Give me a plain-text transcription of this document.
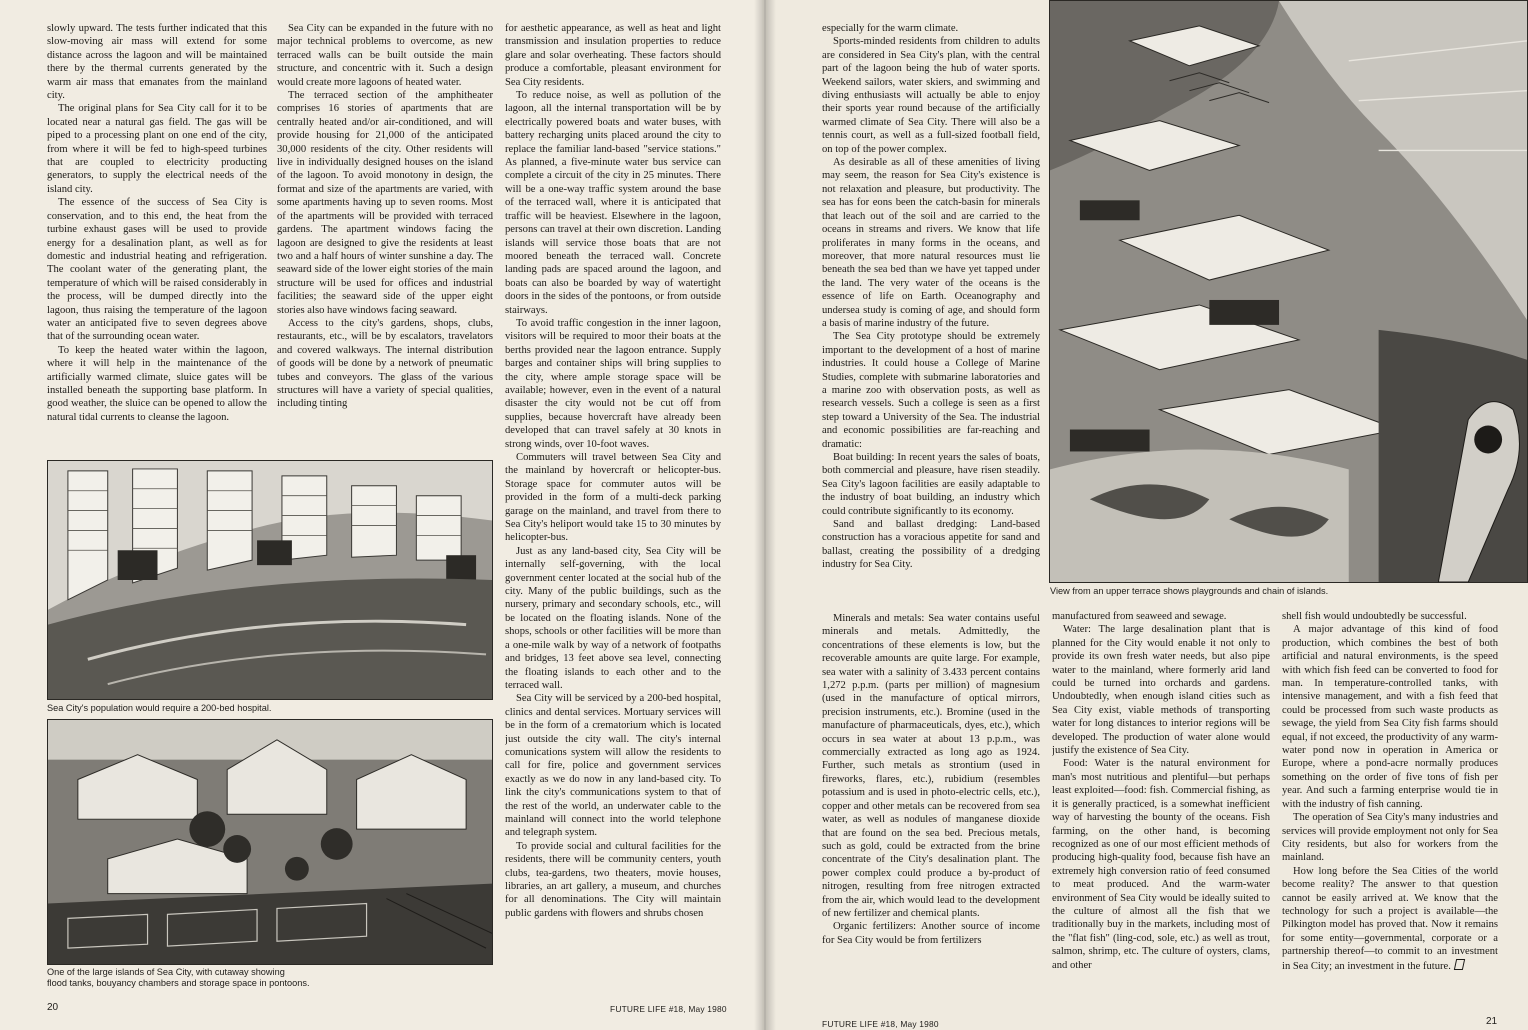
slowly upward. The tests further indicated that this slow-moving air mass will extend for some distance across the lagoon and will be maintained there by the thermal currents generated by the warm air mass that emanates from the mainland city.

The original plans for Sea City call for it to be located near a natural gas field. The gas will be piped to a processing plant on one end of the city, from where it will be fed to high-speed turbines that are coupled to electricity producting generators, to supply the electrical needs of the island city.

The essence of the success of Sea City is conservation, and to this end, the heat from the turbine exhaust gases will be used to provide energy for a desalination plant, as well as for domestic and industrial heating and refrigeration. The coolant water of the generating plant, the temperature of which will be raised considerably in the process, will be dumped directly into the lagoon, thus raising the temperature of the lagoon water an anticipated five to seven degrees above that of the surrounding ocean water.

To keep the heated water within the lagoon, where it will help in the maintenance of the artificially warmed climate, sluice gates will be installed beneath the supporting base platform. In good weather, the sluice can be opened to allow the natural tidal currents to cleanse the lagoon.

Sea City can be expanded in the future with no major technical problems to overcome, as new terraced walls can be built outside the main structure, and concentric with it. Such a design would create more lagoons of heated water.

The terraced section of the amphitheater comprises 16 stories of apartments that are centrally heated and/or air-conditioned, and will provide housing for 21,000 of the anticipated 30,000 residents of the city. Other residents will live in individually designed houses on the island of the lagoon. To avoid monotony in design, the format and size of the apartments are varied, with some apartments having up to seven rooms. Most of the apartments will be provided with terraced gardens. The apartment windows facing the lagoon are designed to give the residents at least two and a half hours of winter sunshine a day. The seaward side of the lower eight stories of the main structure will be used for offices and industrial facilities; the seaward side of the upper eight stories also have windows facing seaward.

Access to the city's gardens, shops, clubs, restaurants, etc., will be by escalators, travelators and covered walkways. The internal distribution of goods will be done by a network of pneumatic tubes and conveyors. The glass of the various structures will have a variety of special qualities, including tinting

for aesthetic appearance, as well as heat and light transmission and insulation properties to reduce glare and solar overheating. These factors should produce a comfortable, pleasant environment for Sea City residents.

To reduce noise, as well as pollution of the lagoon, all the internal transportation will be by electrically powered boats and water buses, with battery recharging units placed around the city to replace the familiar land-based "service stations." As planned, a five-minute water bus service can complete a circuit of the city in 25 minutes. There will be a one-way traffic system around the base of the terraced wall, where it is anticipated that traffic will be heaviest. Elsewhere in the lagoon, persons can travel at their own discretion. Landing islands will service those boats that are not moored beneath the terraced wall. Concrete landing pads are spaced around the lagoon, and boats can also be boarded by way of watertight doors in the sides of the pontoons, or from outside stairways.

To avoid traffic congestion in the inner lagoon, visitors will be required to moor their boats at the berths provided near the lagoon entrance. Supply barges and container ships will bring supplies to the city, where ample storage space will be available; however, even in the event of a natural disaster the city would not be cut off from supplies, because hovercraft have already been developed that can travel safely at 30 knots in strong winds, over 10-foot waves.

Commuters will travel between Sea City and the mainland by hovercraft or helicopter-bus. Storage space for commuter autos will be provided in the form of a multi-deck parking garage on the mainland, and travel from there to Sea City's heliport would take 15 to 30 minutes by helicopter-bus.

Just as any land-based city, Sea City will be internally self-governing, with the local government center located at the social hub of the city. Many of the public buildings, such as the nursery, primary and secondary schools, etc., will be located on the floating islands. None of the shops, schools or other facilities will be more than a one-mile walk by way of a network of footpaths and bridges, 13 feet above sea level, connecting the floating islands to each other and to the terraced wall.

Sea City will be serviced by a 200-bed hospital, clinics and dental services. Mortuary services will be in the form of a crematorium which is located just outside the city wall. The city's internal comunications system will allow the residents to call for fire, police and government services exactly as we do now in any land-based city. To link the city's communications system to that of the rest of the world, an underwater cable to the mainland will connect into the world telephone and telegraph system.

To provide social and cultural facilities for the residents, there will be community centers, youth clubs, tea-gardens, two theaters, movie houses, libraries, an art gallery, a museum, and churches for all denominations. The City will maintain public gardens with flowers and shrubs chosen

Sea City's population would require a 200-bed hospital.
One of the large islands of Sea City, with cutaway showing
flood tanks, bouyancy chambers and storage space in pontoons.
20	FUTURE LIFE #18, May 1980

especially for the warm climate.

Sports-minded residents from children to adults are considered in Sea City's plan, with the central part of the lagoon being the hub of water sports. Weekend sailors, water skiers, and swimming and diving enthusiasts will actually be able to enjoy their sports year round because of the artificially warmed climate of Sea City. There will also be a tennis court, as well as a full-sized football field, on top of the power complex.

As desirable as all of these amenities of living may seem, the reason for Sea City's existence is not relaxation and pleasure, but productivity. The sea has for eons been the catch-basin for minerals that leach out of the soil and are carried to the oceans in streams and rivers. We know that life proliferates in many forms in the oceans, and moreover, that more natural resources must lie beneath the sea bed than we have yet tapped under the land. The very water of the oceans is the essence of life on Earth. Oceanography and undersea study is coming of age, and should form a basis of marine industry of the future.

The Sea City prototype should be extremely important to the development of a host of marine industries. It could house a College of Marine Studies, complete with submarine laboratories and a marine zoo with observation posts, as well as research vessels. Such a college is seen as a first step toward a University of the Sea. The industrial and economic possibilities are far-reaching and dramatic:

Boat building: In recent years the sales of boats, both commercial and pleasure, have risen steadily. Sea City's lagoon facilities are easily adaptable to the industry of boat building, an industry which could contribute significantly to its economy.

Sand and ballast dredging: Land-based construction has a voracious appetite for sand and ballast, creating the possibility of a dredging industry for Sea City.

Minerals and metals: Sea water contains useful minerals and metals. Admittedly, the concentrations of these elements is low, but the recoverable amounts are quite large. For example, sea water with a salinity of 3.433 percent contains 1,272 p.p.m. (parts per million) of magnesium (used in the manufacture of optical mirrors, precision instruments, etc.). Bromine (used in the manufacture of pharmaceuticals, dyes, etc.), which occurs in sea water at about 13 p.p.m., was commercially extracted as long ago as 1924. Further, such metals as strontium (used in fireworks, flares, etc.), rubidium (resembles potassium and is used in photo-electric cells, etc.), copper and other metals can be recovered from sea water, as well as nodules of manganese dioxide that are found on the sea bed. Precious metals, such as gold, could be extracted from the brine concentrate of the City's desalination plant. The power complex could produce a by-product of nitrogen, resulting from free nitrogen extracted from the air, which would lead to the development of new fertilizer and chemical plants.

Organic fertilizers: Another source of income for Sea City would be from fertilizers

View from an upper terrace shows playgrounds and chain of islands.

manufactured from seaweed and sewage.

Water: The large desalination plant that is planned for the City would enable it not only to provide its own fresh water needs, but also pipe water to the mainland, where formerly arid land could be turned into orchards and gardens. Undoubtedly, when enough island cities such as Sea City exist, viable methods of transporting water for long distances to interior regions will be developed. The production of water alone would justify the existence of Sea City.

Food: Water is the natural environment for man's most nutritious and plentiful—but perhaps least exploited—food: fish. Commercial fishing, as it is generally practiced, is a somewhat inefficient way of harvesting the bounty of the oceans. Fish farming, on the other hand, is becoming recognized as one of our most efficient methods of producing high-quality food, because fish have an extremely high conversion ratio of feed consumed to meat produced. And the warm-water environment of Sea City would be ideally suited to the culture of almost all the fish that we traditionally buy in the markets, including most of the "flat fish" (ling-cod, sole, etc.) as well as trout, salmon, shrimp, etc. The culture of oysters, clams, and other

shell fish would undoubtedly be successful.

A major advantage of this kind of food production, which combines the best of both artificial and natural environments, is the speed with which fish feed can be converted to food for man. In temperature-controlled tanks, with intensive management, and with a fish feed that could be processed from such waste products as sewage, the yield from Sea City fish farms should equal, if not exceed, the productivity of any warm-water pond now in operation in America or Europe, where a pond-acre normally produces something on the order of five tons of fish per year. And such a farming enterprise would tie in with the industry of fish canning.

The operation of Sea City's many industries and services will provide employment not only for Sea City residents, but also for workers from the mainland.

How long before the Sea Cities of the world become reality? The answer to that question cannot be easily arrived at. We know that the technology for such a project is available—the Pilkington model has proved that. Now it remains for some entity—governmental, corporate or a partnership thereof—to commit to an investment in Sea City; an investment in the future.

FUTURE LIFE #18, May 1980	21
